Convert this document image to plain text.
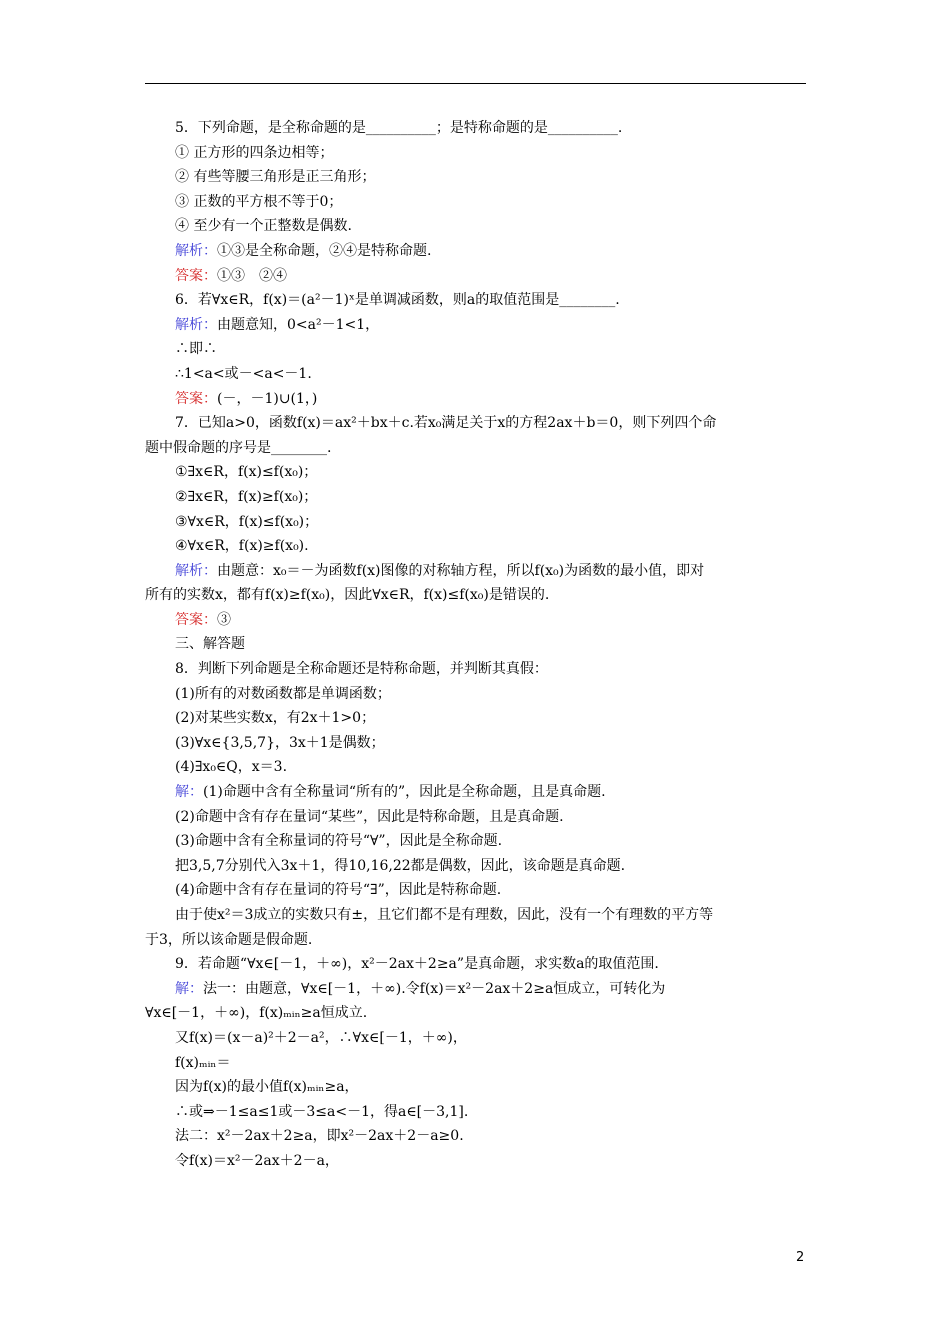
5．下列命题，是全称命题的是__________；是特称命题的是__________.
① 正方形的四条边相等；
② 有些等腰三角形是正三角形；
③ 正数的平方根不等于0；
④ 至少有一个正整数是偶数.
解析：①③是全称命题，②④是特称命题.
答案：①③　②④
6．若∀x∈R，f(x)＝(a²－1)ˣ是单调减函数，则a的取值范围是________.
解析：由题意知，0<a²－1<1，
∴即∴
∴1<a<或－<a<－1.
答案：(－，－1)∪(1，)
7．已知a>0，函数f(x)＝ax²＋bx＋c.若x₀满足关于x的方程2ax＋b＝0，则下列四个命
题中假命题的序号是________.
①∃x∈R，f(x)≤f(x₀)；
②∃x∈R，f(x)≥f(x₀)；
③∀x∈R，f(x)≤f(x₀)；
④∀x∈R，f(x)≥f(x₀).
解析：由题意：x₀＝－为函数f(x)图像的对称轴方程，所以f(x₀)为函数的最小值，即对
所有的实数x，都有f(x)≥f(x₀)，因此∀x∈R，f(x)≤f(x₀)是错误的.
答案：③
三、解答题
8．判断下列命题是全称命题还是特称命题，并判断其真假：
(1)所有的对数函数都是单调函数；
(2)对某些实数x，有2x＋1>0；
(3)∀x∈{3,5,7}，3x＋1是偶数；
(4)∃x₀∈Q，x＝3.
解：(1)命题中含有全称量词“所有的”，因此是全称命题，且是真命题.
(2)命题中含有存在量词“某些”，因此是特称命题，且是真命题.
(3)命题中含有全称量词的符号“∀”，因此是全称命题.
把3,5,7分别代入3x＋1，得10,16,22都是偶数，因此，该命题是真命题.
(4)命题中含有存在量词的符号“∃”，因此是特称命题.
由于使x²＝3成立的实数只有±，且它们都不是有理数，因此，没有一个有理数的平方等
于3，所以该命题是假命题.
9．若命题“∀x∈[－1，＋∞)，x²－2ax＋2≥a”是真命题，求实数a的取值范围.
解：法一：由题意，∀x∈[－1，＋∞).令f(x)＝x²－2ax＋2≥a恒成立，可转化为
∀x∈[－1，＋∞)，f(x)ₘᵢₙ≥a恒成立.
又f(x)＝(x－a)²＋2－a²，∴∀x∈[－1，＋∞)，
f(x)ₘᵢₙ＝
因为f(x)的最小值f(x)ₘᵢₙ≥a，
∴或⇒－1≤a≤1或－3≤a<－1，得a∈[－3,1].
法二：x²－2ax＋2≥a，即x²－2ax＋2－a≥0.
令f(x)＝x²－2ax＋2－a，
2
